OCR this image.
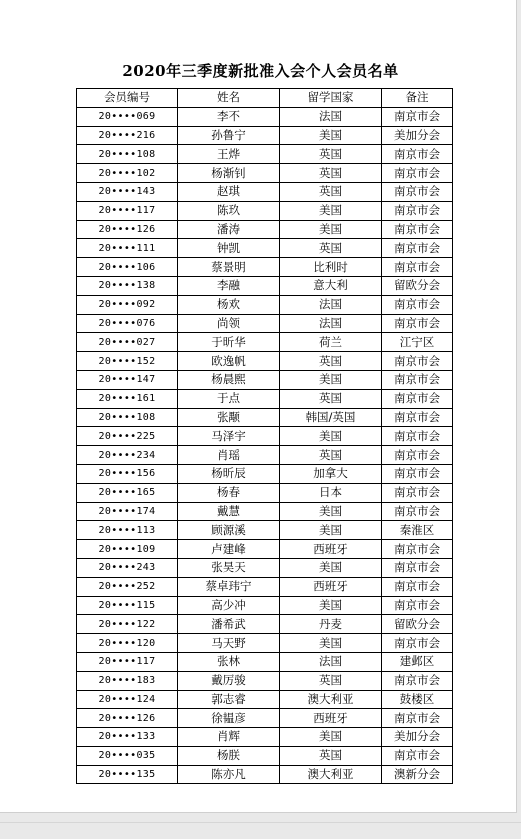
2020年三季度新批准入会个人会员名单
会员编号	姓名	留学国家	备注
20••••069	李不	法国	南京市会
20••••216	孙鲁宁	美国	美加分会
20••••108	王烨	英国	南京市会
20••••102	杨渐钊	英国	南京市会
20••••143	赵琪	英国	南京市会
20••••117	陈玖	美国	南京市会
20••••126	潘涛	美国	南京市会
20••••111	钟凯	英国	南京市会
20••••106	蔡景明	比利时	南京市会
20••••138	李融	意大利	留欧分会
20••••092	杨欢	法国	南京市会
20••••076	尚领	法国	南京市会
20••••027	于昕华	荷兰	江宁区
20••••152	欧逸帆	英国	南京市会
20••••147	杨晨熙	美国	南京市会
20••••161	于点	英国	南京市会
20••••108	张颙	韩国/英国	南京市会
20••••225	马泽宇	美国	南京市会
20••••234	肖瑶	英国	南京市会
20••••156	杨昕辰	加拿大	南京市会
20••••165	杨春	日本	南京市会
20••••174	戴慧	美国	南京市会
20••••113	顾源溪	美国	秦淮区
20••••109	卢建峰	西班牙	南京市会
20••••243	张昊天	美国	南京市会
20••••252	蔡卓玮宁	西班牙	南京市会
20••••115	高少冲	美国	南京市会
20••••122	潘希武	丹麦	留欧分会
20••••120	马天野	美国	南京市会
20••••117	张林	法国	建邺区
20••••183	戴厉骏	英国	南京市会
20••••124	郭志睿	澳大利亚	鼓楼区
20••••126	徐韫彦	西班牙	南京市会
20••••133	肖辉	美国	美加分会
20••••035	杨朕	英国	南京市会
20••••135	陈亦凡	澳大利亚	澳新分会
